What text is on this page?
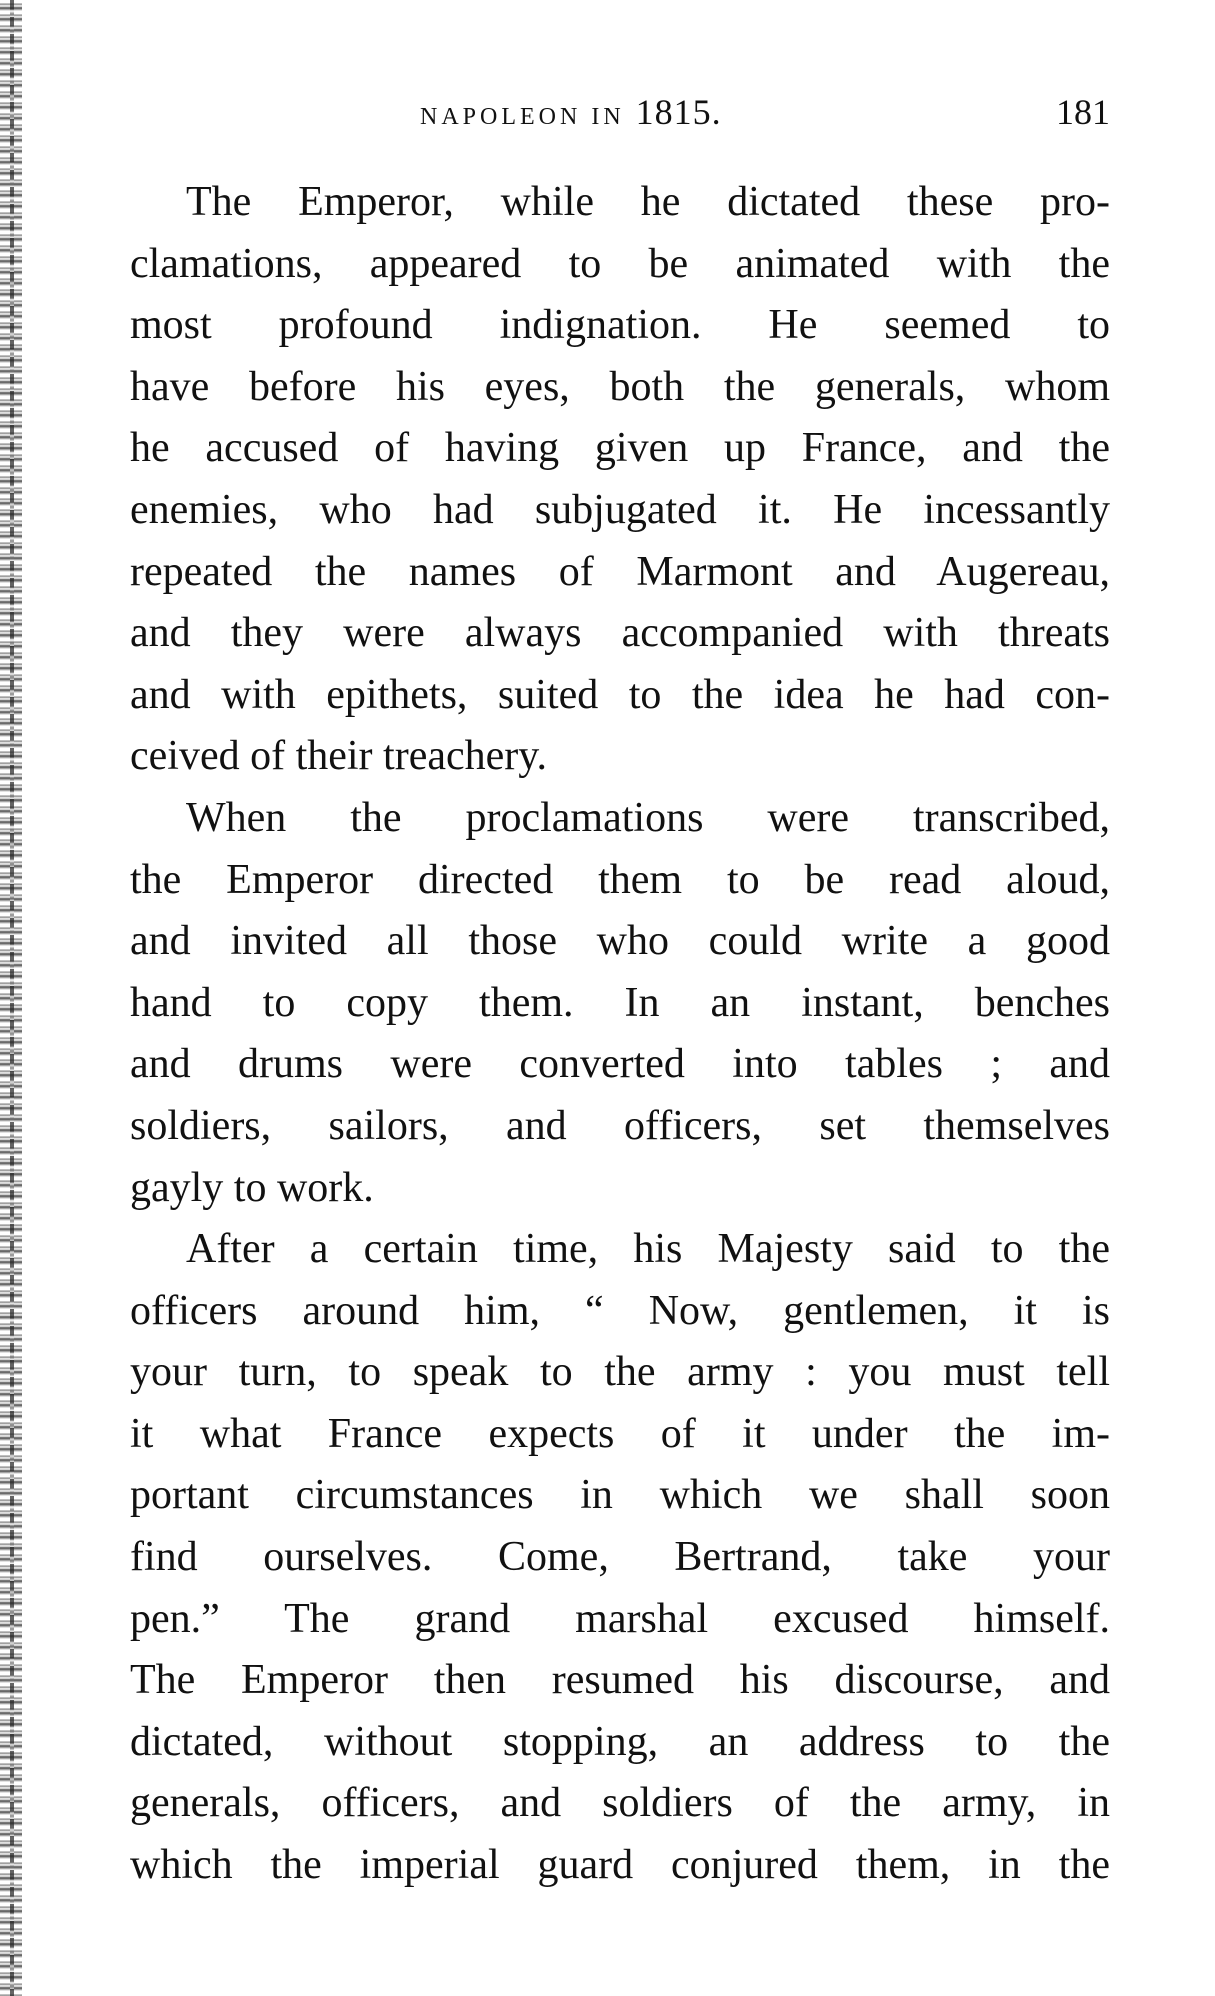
NAPOLEON IN 1815.	181
The Emperor, while he dictated these pro-
clamations, appeared to be animated with the
most profound indignation. He seemed to
have before his eyes, both the generals, whom
he accused of having given up France, and the
enemies, who had subjugated it. He incessantly
repeated the names of Marmont and Augereau,
and they were always accompanied with threats
and with epithets, suited to the idea he had con-
ceived of their treachery.
When the proclamations were transcribed,
the Emperor directed them to be read aloud,
and invited all those who could write a good
hand to copy them. In an instant, benches
and drums were converted into tables ; and
soldiers, sailors, and officers, set themselves
gayly to work.
After a certain time, his Majesty said to the
officers around him, “ Now, gentlemen, it is
your turn, to speak to the army : you must tell
it what France expects of it under the im-
portant circumstances in which we shall soon
find ourselves. Come, Bertrand, take your
pen.” The grand marshal excused himself.
The Emperor then resumed his discourse, and
dictated, without stopping, an address to the
generals, officers, and soldiers of the army, in
which the imperial guard conjured them, in the
